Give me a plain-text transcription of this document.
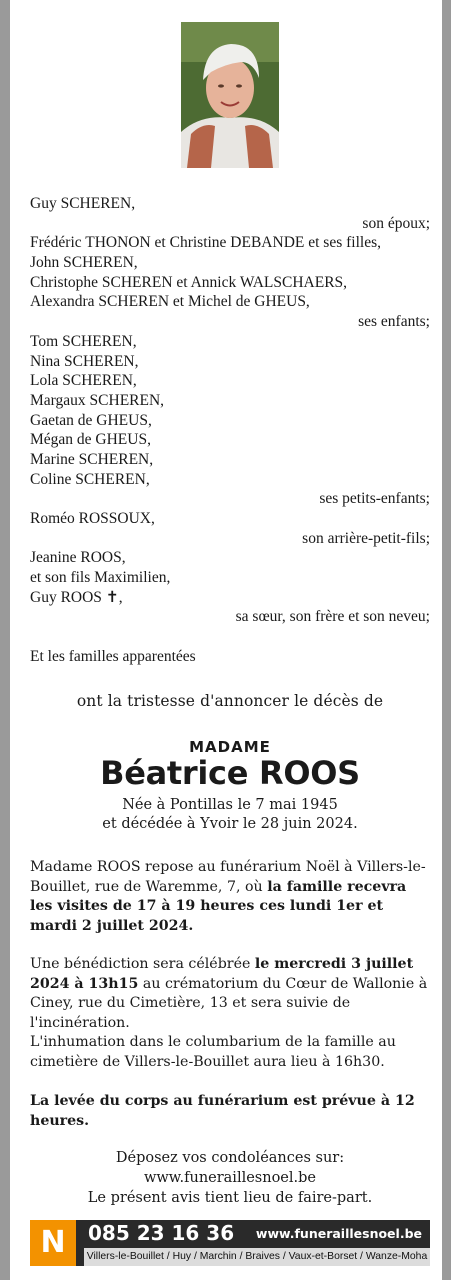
Guy SCHEREN,
son époux;
Frédéric THONON et Christine DEBANDE et ses filles,
John SCHEREN,
Christophe SCHEREN et Annick WALSCHAERS,
Alexandra SCHEREN et Michel de GHEUS,
ses enfants;
Tom SCHEREN,
Nina SCHEREN,
Lola SCHEREN,
Margaux SCHEREN,
Gaetan de GHEUS,
Mégan de GHEUS,
Marine SCHEREN,
Coline SCHEREN,
ses petits-enfants;
Roméo ROSSOUX,
son arrière-petit-fils;
Jeanine ROOS,
et son fils Maximilien,
Guy ROOS ✝,
sa sœur, son frère et son neveu;
Et les familles apparentées
ont la tristesse d'annoncer le décès de
MADAME
Béatrice ROOS
Née à Pontillas le 7 mai 1945
et décédée à Yvoir le 28 juin 2024.
Madame ROOS repose au funérarium Noël à Villers-le-Bouillet, rue de Waremme, 7, où la famille recevra les visites de 17 à 19 heures ces lundi 1er et mardi 2 juillet 2024.
Une bénédiction sera célébrée le mercredi 3 juillet 2024 à 13h15 au crématorium du Cœur de Wallonie à Ciney, rue du Cimetière, 13 et sera suivie de l'incinération.
L'inhumation dans le columbarium de la famille au cimetière de Villers-le-Bouillet aura lieu à 16h30.
La levée du corps au funérarium est prévue à 12 heures.
Déposez vos condoléances sur: www.funeraillesnoel.be
Le présent avis tient lieu de faire-part.
N	085 23 16 36 www.funeraillesnoel.be
Villers-le-Bouillet / Huy / Marchin / Braives / Vaux-et-Borset / Wanze-Moha
